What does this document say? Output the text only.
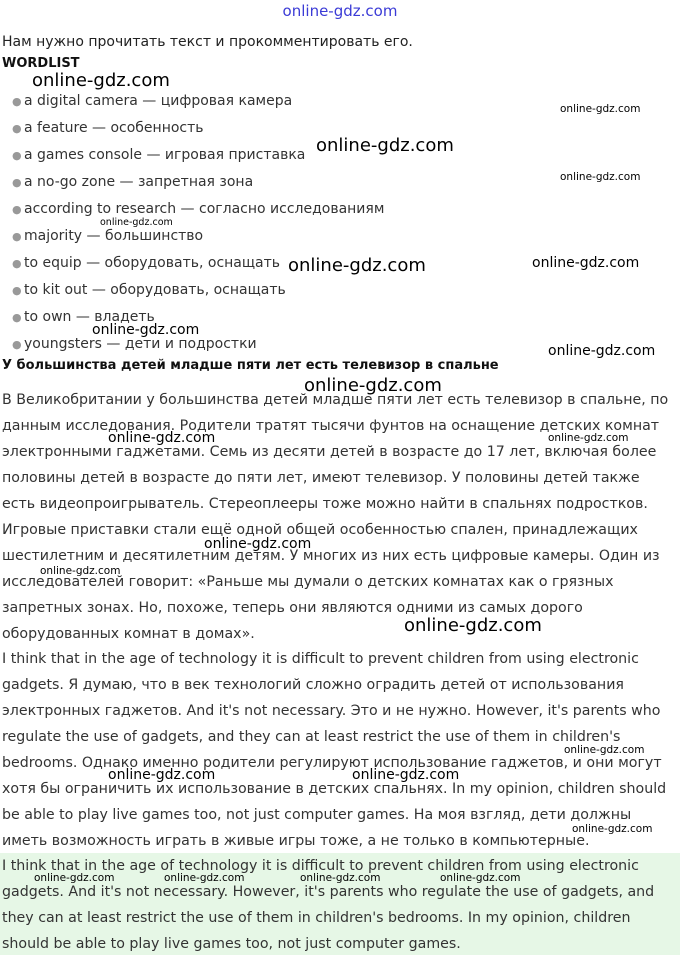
online-gdz.com
Нам нужно прочитать текст и прокомментировать его.
WORDLIST
● a digital camera — цифровая камера
● a feature — особенность
● a games console — игровая приставка
● a no-go zone — запретная зона
● according to research — согласно исследованиям
● majority — большинство
● to equip — оборудовать, оснащать
● to kit out — оборудовать, оснащать
● to own — владеть
● youngsters — дети и подростки
У большинства детей младше пяти лет есть телевизор в спальне

В Великобритании у большинства детей младше пяти лет есть телевизор в спальне, по данным исследования. Родители тратят тысячи фунтов на оснащение детских комнат электронными гаджетами. Семь из десяти детей в возрасте до 17 лет, включая более половины детей в возрасте до пяти лет, имеют телевизор. У половины детей также есть видеопроигрыватель. Стереоплееры тоже можно найти в спальнях подростков. Игровые приставки стали ещё одной общей особенностью спален, принадлежащих шестилетним и десятилетним детям. У многих из них есть цифровые камеры. Один из исследователей говорит: «Раньше мы думали о детских комнатах как о грязных запретных зонах. Но, похоже, теперь они являются одними из самых дорого оборудованных комнат в домах».

I think that in the age of technology it is difficult to prevent children from using electronic gadgets. Я думаю, что в век технологий сложно оградить детей от использования электронных гаджетов. And it's not necessary. Это и не нужно. However, it's parents who regulate the use of gadgets, and they can at least restrict the use of them in children's bedrooms. Однако именно родители регулируют использование гаджетов, и они могут хотя бы ограничить их использование в детских спальнях. In my opinion, children should be able to play live games too, not just computer games. На моя взгляд, дети должны иметь возможность играть в живые игры тоже, а не только в компьютерные.

I think that in the age of technology it is difficult to prevent children from using electronic gadgets. And it's not necessary. However, it's parents who regulate the use of gadgets, and they can at least restrict the use of them in children's bedrooms. In my opinion, children should be able to play live games too, not just computer games.

online-gdz.com
online-gdz.com
online-gdz.com
online-gdz.com
online-gdz.com
online-gdz.com	online-gdz.com
online-gdz.com
online-gdz.com
online-gdz.com
online-gdz.com	online-gdz.com
online-gdz.com
online-gdz.com
online-gdz.com
online-gdz.com
online-gdz.com	online-gdz.com
online-gdz.com
online-gdz.com	online-gdz.com	online-gdz.com	online-gdz.com
